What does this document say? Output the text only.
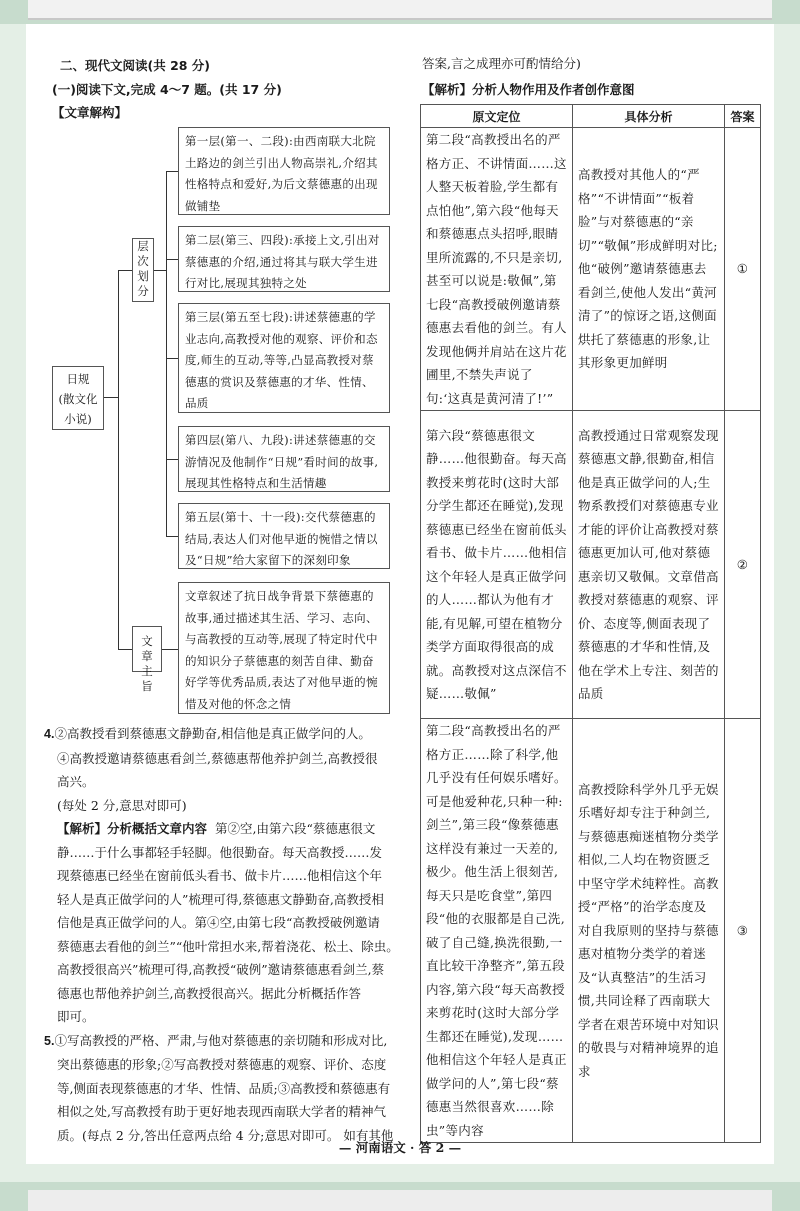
二、现代文阅读(共 28 分)
(一)阅读下文,完成 4～7 题。(共 17 分)
【文章解构】
日规
(散文化
小说)
层
次
划
分
文
章
主
旨
第一层(第一、二段):由西南联大北院土路边的剑兰引出人物高崇礼,介绍其性格特点和爱好,为后文蔡德惠的出现做铺垫
第二层(第三、四段):承接上文,引出对蔡德惠的介绍,通过将其与联大学生进行对比,展现其独特之处
第三层(第五至七段):讲述蔡德惠的学业志向,高教授对他的观察、评价和态度,师生的互动,等等,凸显高教授对蔡德惠的赏识及蔡德惠的才华、性情、品质
第四层(第八、九段):讲述蔡德惠的交游情况及他制作“日规”看时间的故事,展现其性格特点和生活情趣
第五层(第十、十一段):交代蔡德惠的结局,表达人们对他早逝的惋惜之情以及“日规”给大家留下的深刻印象
文章叙述了抗日战争背景下蔡德惠的故事,通过描述其生活、学习、志向、与高教授的互动等,展现了特定时代中的知识分子蔡德惠的刻苦自律、勤奋好学等优秀品质,表达了对他早逝的惋惜及对他的怀念之情
4.②高教授看到蔡德惠文静勤奋,相信他是真正做学问的人。
④高教授邀请蔡德惠看剑兰,蔡德惠帮他养护剑兰,高教授很
高兴。
(每处 2 分,意思对即可)
【解析】分析概括文章内容 第②空,由第六段“蔡德惠很文
静……于什么事都轻手轻脚。他很勤奋。每天高教授……发
现蔡德惠已经坐在窗前低头看书、做卡片……他相信这个年
轻人是真正做学问的人”梳理可得,蔡德惠文静勤奋,高教授相
信他是真正做学问的人。第④空,由第七段“高教授破例邀请
蔡德惠去看他的剑兰”“他叶常担水来,帮着浇花、松土、除虫。
高教授很高兴”梳理可得,高教授“破例”邀请蔡德惠看剑兰,蔡
德惠也帮他养护剑兰,高教授很高兴。据此分析概括作答
即可。
5.①写高教授的严格、严肃,与他对蔡德惠的亲切随和形成对比,
突出蔡德惠的形象;②写高教授对蔡德惠的观察、评价、态度
等,侧面表现蔡德惠的才华、性情、品质;③高教授和蔡德惠有
相似之处,写高教授有助于更好地表现西南联大学者的精神气
质。(每点 2 分,答出任意两点给 4 分;意思对即可。 如有其他
答案,言之成理亦可酌情给分)
【解析】分析人物作用及作者创作意图
原文定位	具体分析	答案
第二段“高教授出名的严格方正、不讲情面……这人整天板着脸,学生都有点怕他”,第六段“他每天和蔡德惠点头招呼,眼睛里所流露的,不只是亲切,甚至可以说是:敬佩”,第七段“高教授破例邀请蔡德惠去看他的剑兰。有人发现他俩并肩站在这片花圃里,不禁失声说了句:‘这真是黄河清了!’”	高教授对其他人的“严格”“不讲情面”“板着脸”与对蔡德惠的“亲切”“敬佩”形成鲜明对比;他“破例”邀请蔡德惠去看剑兰,使他人发出“黄河清了”的惊讶之语,这侧面烘托了蔡德惠的形象,让其形象更加鲜明	①
第六段“蔡德惠很文静……他很勤奋。每天高教授来剪花时(这时大部分学生都还在睡觉),发现蔡德惠已经坐在窗前低头看书、做卡片……他相信这个年轻人是真正做学问的人……都认为他有才能,有见解,可望在植物分类学方面取得很高的成就。高教授对这点深信不疑……敬佩”	高教授通过日常观察发现蔡德惠文静,很勤奋,相信他是真正做学问的人;生物系教授们对蔡德惠专业才能的评价让高教授对蔡德惠更加认可,他对蔡德惠亲切又敬佩。文章借高教授对蔡德惠的观察、评价、态度等,侧面表现了蔡德惠的才华和性情,及他在学术上专注、刻苦的品质	②
第二段“高教授出名的严格方正……除了科学,他几乎没有任何娱乐嗜好。可是他爱种花,只种一种:剑兰”,第三段“像蔡德惠这样没有兼过一天差的,极少。他生活上很刻苦,每天只是吃食堂”,第四段“他的衣服都是自己洗,破了自己缝,换洗很勤,一直比较干净整齐”,第五段内容,第六段“每天高教授来剪花时(这时大部分学生都还在睡觉),发现……他相信这个年轻人是真正做学问的人”,第七段“蔡德惠当然很喜欢……除虫”等内容	高教授除科学外几乎无娱乐嗜好却专注于种剑兰,与蔡德惠痴迷植物分类学相似,二人均在物资匮乏中坚守学术纯粹性。高教授“严格”的治学态度及对自我原则的坚持与蔡德惠对植物分类学的着迷及“认真整洁”的生活习惯,共同诠释了西南联大学者在艰苦环境中对知识的敬畏与对精神境界的追求	③
— 河南语文 · 答 2 —
